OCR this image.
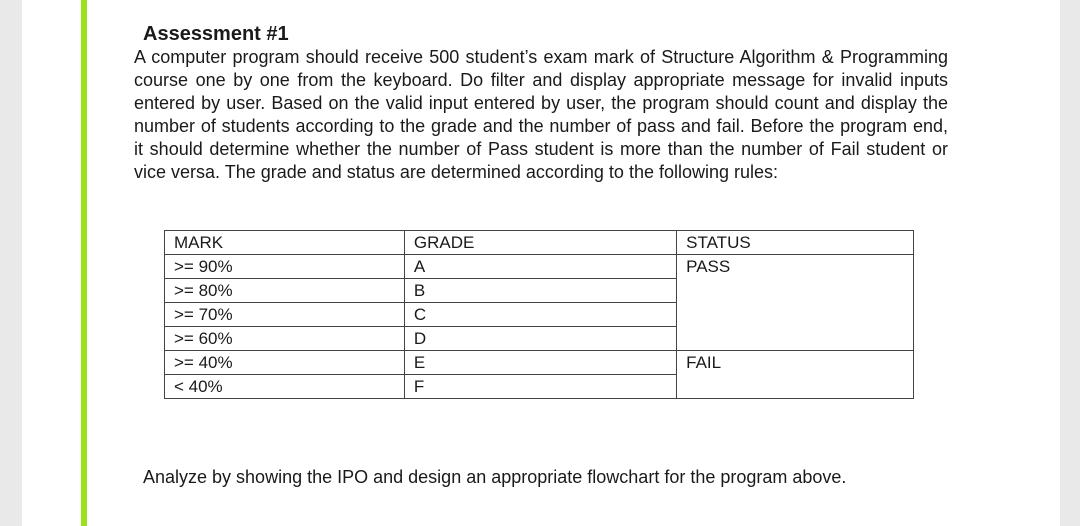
Assessment #1

A computer program should receive 500 student’s exam mark of Structure Algorithm & Programming course one by one from the keyboard. Do filter and display appropriate message for invalid inputs entered by user. Based on the valid input entered by user, the program should count and display the number of students according to the grade and the number of pass and fail. Before the program end, it should determine whether the number of Pass student is more than the number of Fail student or vice versa. The grade and status are determined according to the following rules:

MARK	GRADE	STATUS
>= 90%	A	PASS
>= 80%	B	
>= 70%	C	
>= 60%	D	
>= 40%	E	FAIL
< 40%	F	

Analyze by showing the IPO and design an appropriate flowchart for the program above.
